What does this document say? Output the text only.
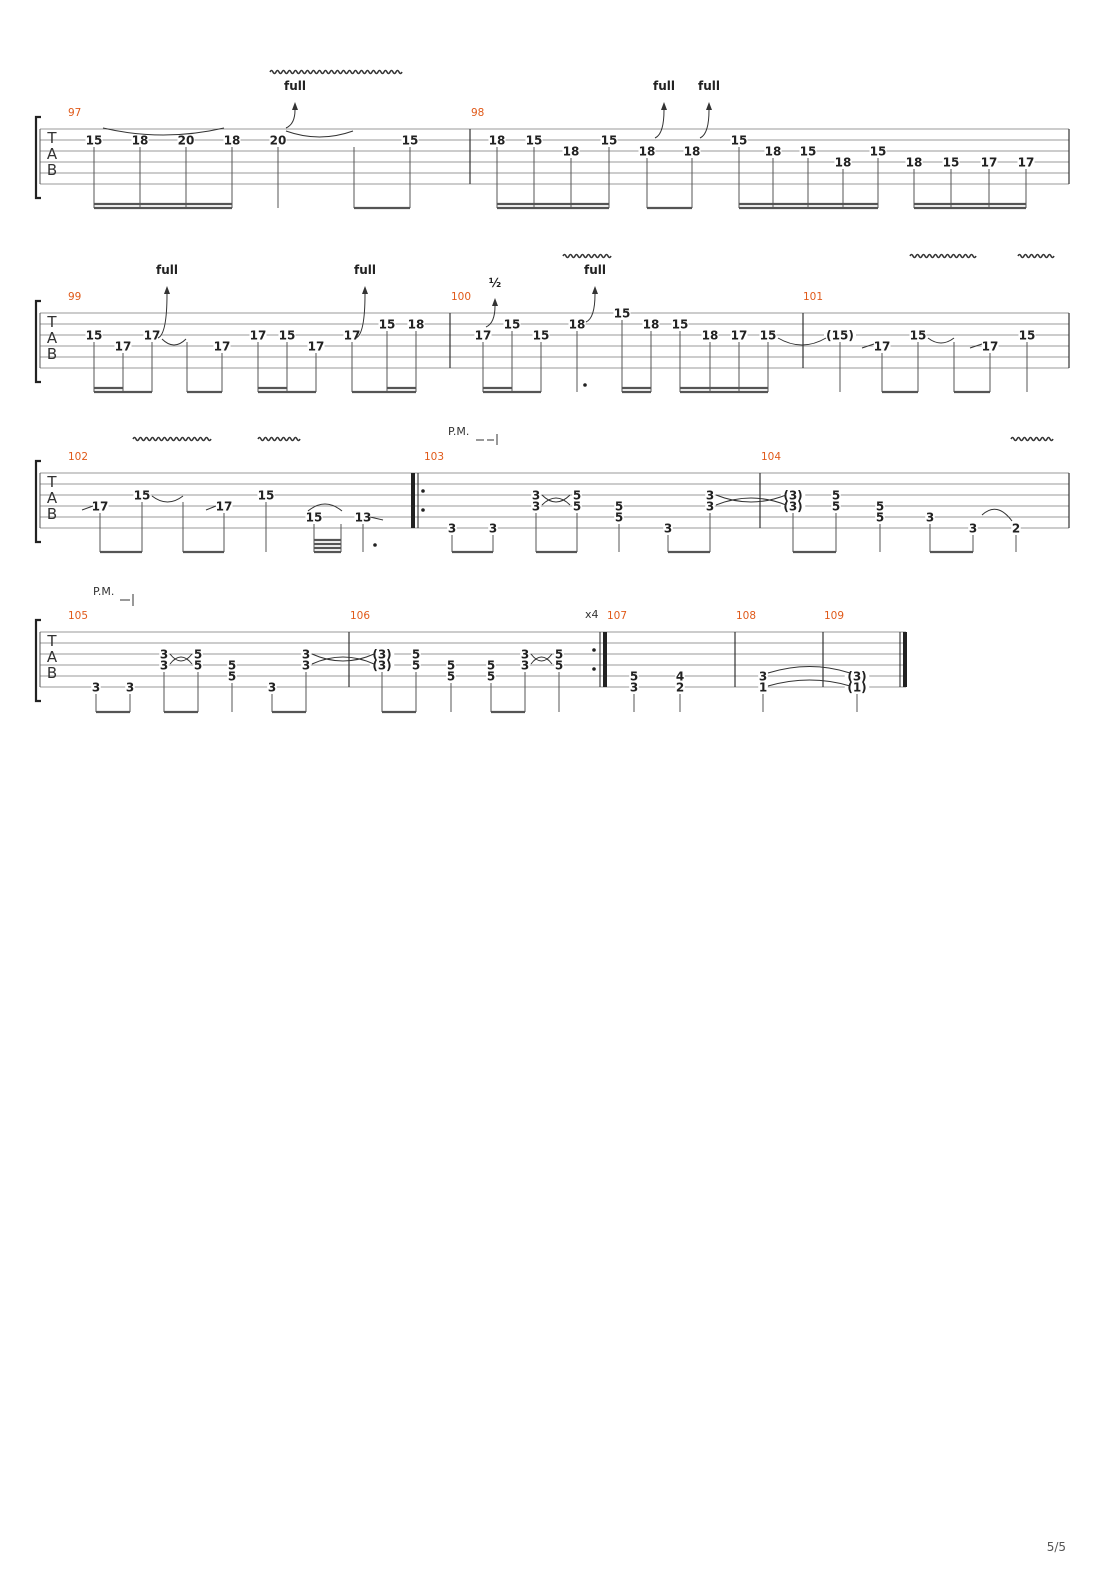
T
A
B
97
15 18 20 18 20	15
98
18 15
18
15
18 18
15
18 15
18
15
18 15 17 17
T
A
B
99
15
17
17
17
17 15
17
17
15 18
100
17
15
15
18
15
18 15
18 17 15
101
(15)
17
15
17
15
T
A
B
102
17
15
17
15
15	13
103
3	3
3
3
5
5	5
5
3
3
3
104
(3)
(3)
5
5	5
5	3
3	2
T
A
B
105
3 3
3
3
5
5 5
5
3
3
3
106
(3)
(3)
5
5 5
5
5
5
3
3
5
5
107
5
3
4
2
108
3
1
109
(3)
(1)
full	full full
full	full
½
full
P.M.
P.M.
x4
5/5
